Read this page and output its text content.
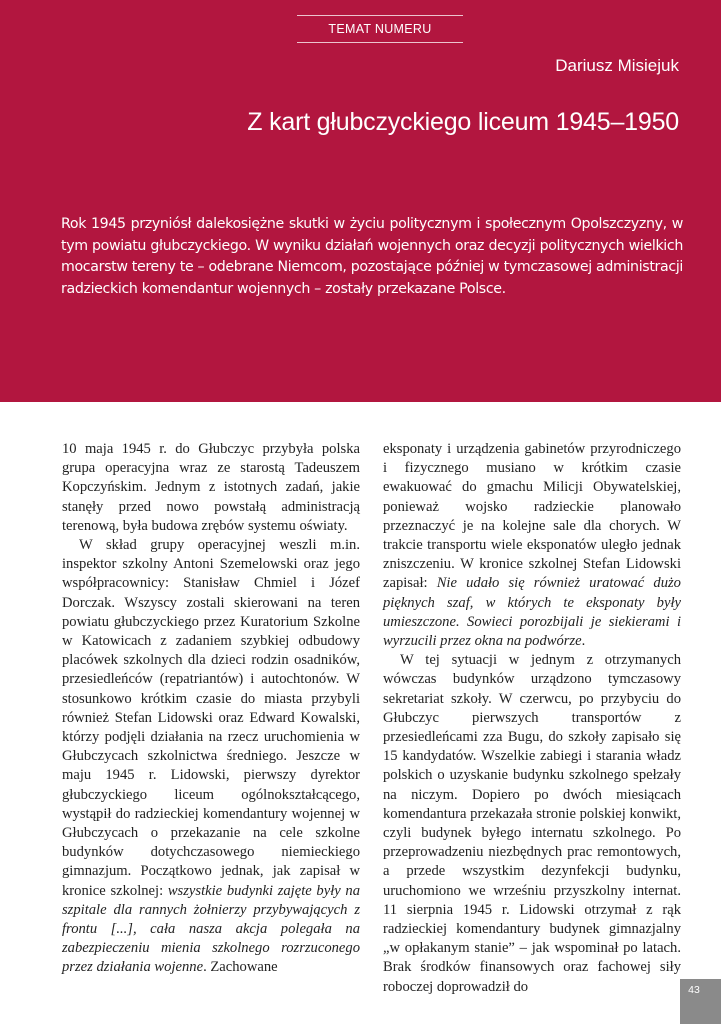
TEMAT NUMERU
Dariusz Misiejuk
Z kart głubczyckiego liceum 1945–1950
Rok 1945 przyniósł dalekosiężne skutki w życiu politycznym i społecznym Opolszczyzny, w tym powiatu głubczyckiego. W wyniku działań wojennych oraz decyzji politycznych wielkich mocarstw tereny te – odebrane Niemcom, pozostające później w tymczasowej administracji radzieckich komendantur wojennych – zostały przekazane Polsce.

10 maja 1945 r. do Głubczyc przybyła polska grupa operacyjna wraz ze starostą Tadeuszem Kopczyńskim. Jednym z istotnych zadań, jakie stanęły przed nowo powstałą administracją terenową, była budowa zrębów systemu oświaty.

W skład grupy operacyjnej weszli m.in. inspektor szkolny Antoni Szemelowski oraz jego współpracownicy: Stanisław Chmiel i Józef Dorczak. Wszyscy zostali skierowani na teren powiatu głubczyckiego przez Kuratorium Szkolne w Katowicach z zadaniem szybkiej odbudowy placówek szkolnych dla dzieci rodzin osadników, przesiedleńców (repatriantów) i autochtonów. W stosunkowo krótkim czasie do miasta przybyli również Stefan Lidowski oraz Edward Kowalski, którzy podjęli działania na rzecz uruchomienia w Głubczycach szkolnictwa średniego. Jeszcze w maju 1945 r. Lidowski, pierwszy dyrektor głubczyckiego liceum ogólnokształcącego, wystąpił do radzieckiej komendantury wojennej w Głubczycach o przekazanie na cele szkolne budynków dotychczasowego niemieckiego gimnazjum. Początkowo jednak, jak zapisał w kronice szkolnej: wszystkie budynki zajęte były na szpitale dla rannych żołnierzy przybywających z frontu [...], cała nasza akcja polegała na zabezpieczeniu mienia szkolnego rozrzuconego przez działania wojenne. Zachowane

eksponaty i urządzenia gabinetów przyrodniczego i fizycznego musiano w krótkim czasie ewakuować do gmachu Milicji Obywatelskiej, ponieważ wojsko radzieckie planowało przeznaczyć je na kolejne sale dla chorych. W trakcie transportu wiele eksponatów uległo jednak zniszczeniu. W kronice szkolnej Stefan Lidowski zapisał: Nie udało się również uratować dużo pięknych szaf, w których te eksponaty były umieszczone. Sowieci porozbijali je siekierami i wyrzucili przez okna na podwórze.

W tej sytuacji w jednym z otrzymanych wówczas budynków urządzono tymczasowy sekretariat szkoły. W czerwcu, po przybyciu do Głubczyc pierwszych transportów z przesiedleńcami zza Bugu, do szkoły zapisało się 15 kandydatów. Wszelkie zabiegi i starania władz polskich o uzyskanie budynku szkolnego spełzały na niczym. Dopiero po dwóch miesiącach komendantura przekazała stronie polskiej konwikt, czyli budynek byłego internatu szkolnego. Po przeprowadzeniu niezbędnych prac remontowych, a przede wszystkim dezynfekcji budynku, uruchomiono we wrześniu przyszkolny internat. 11 sierpnia 1945 r. Lidowski otrzymał z rąk radzieckiej komendantury budynek gimnazjalny „w opłakanym stanie” – jak wspominał po latach. Brak środków finansowych oraz fachowej siły roboczej doprowadził do	43
